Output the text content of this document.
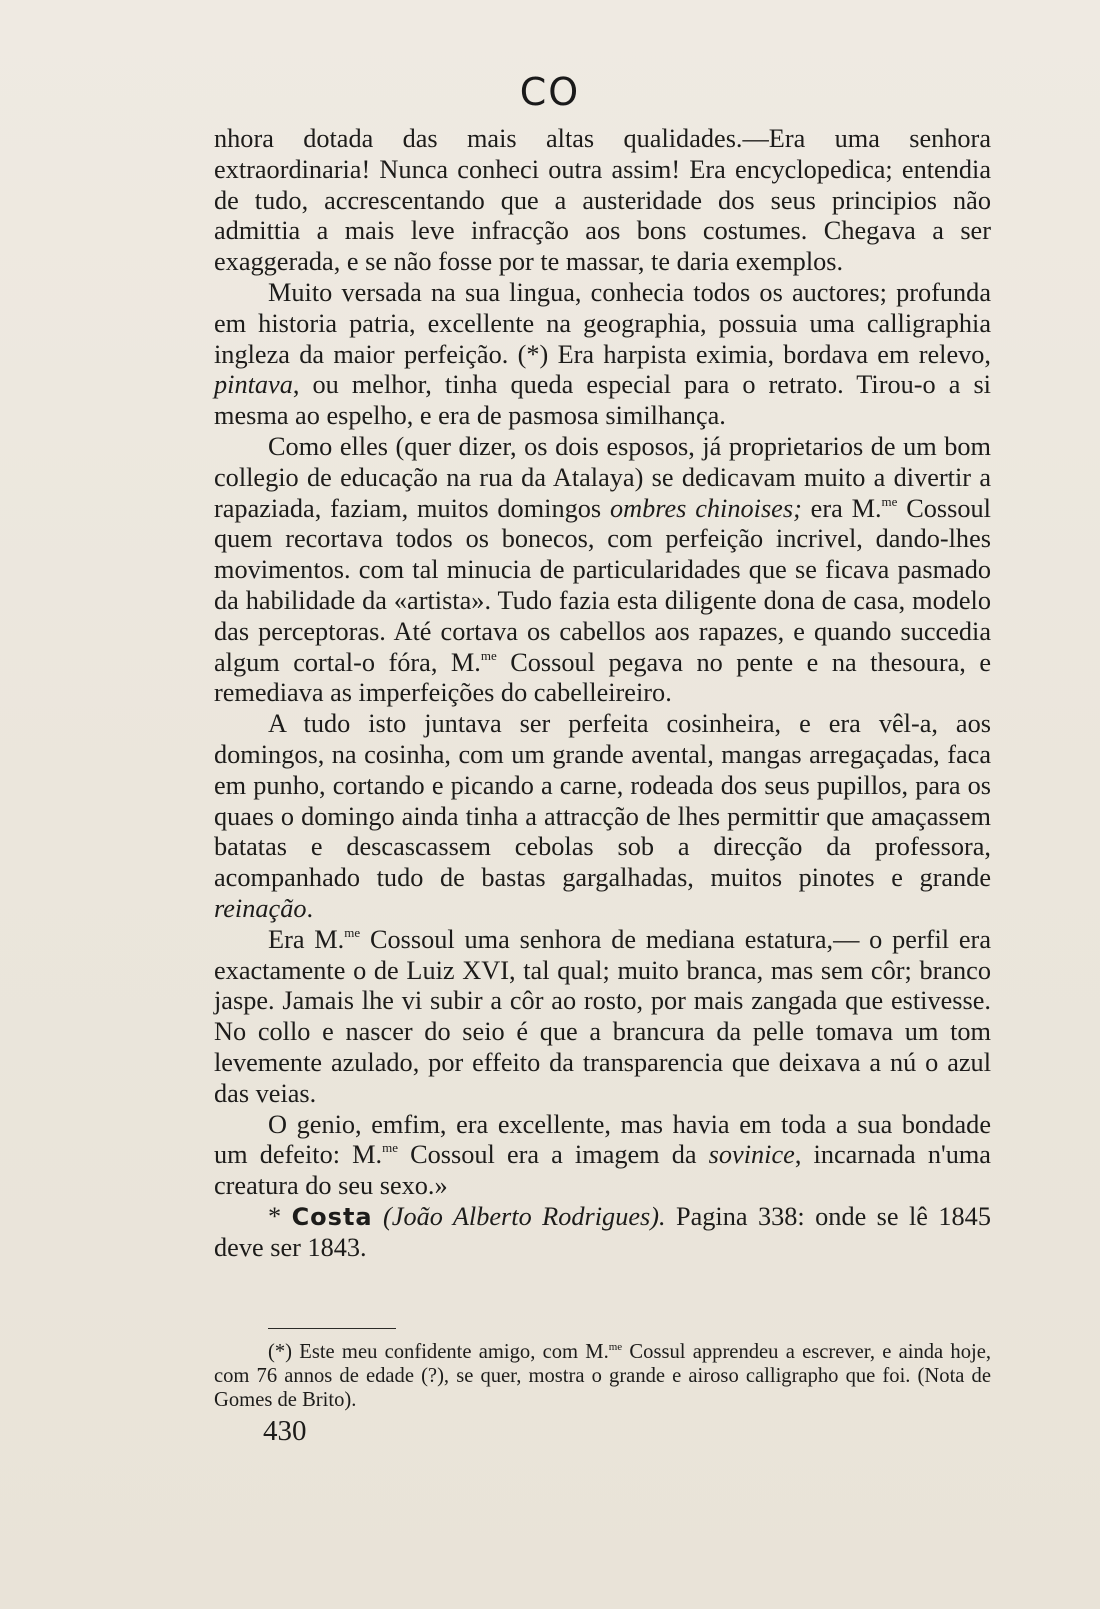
CO

nhora dotada das mais altas qualidades.—Era uma senhora extraordinaria! Nunca conheci outra assim! Era encyclopedica; entendia de tudo, accrescentando que a austeridade dos seus principios não admittia a mais leve infracção aos bons costumes. Chegava a ser exaggerada, e se não fosse por te massar, te daria exemplos.

Muito versada na sua lingua, conhecia todos os auctores; profunda em historia patria, excellente na geographia, possuia uma calligraphia ingleza da maior perfeição. (*) Era harpista eximia, bordava em relevo, pintava, ou melhor, tinha queda especial para o retrato. Tirou-o a si mesma ao espelho, e era de pasmosa similhança.

Como elles (quer dizer, os dois esposos, já proprietarios de um bom collegio de educação na rua da Atalaya) se dedicavam muito a divertir a rapaziada, faziam, muitos domingos ombres chinoises; era M.$^{me}$ Cossoul quem recortava todos os bonecos, com perfeição incrivel, dando-lhes movimentos. com tal minucia de particularidades que se ficava pasmado da habilidade da «artista». Tudo fazia esta diligente dona de casa, modelo das perceptoras. Até cortava os cabellos aos rapazes, e quando succedia algum cortal-o fóra, M.$^{me}$ Cossoul pegava no pente e na thesoura, e remediava as imperfeições do cabelleireiro.

A tudo isto juntava ser perfeita cosinheira, e era vêl-a, aos domingos, na cosinha, com um grande avental, mangas arregaçadas, faca em punho, cortando e picando a carne, rodeada dos seus pupillos, para os quaes o domingo ainda tinha a attracção de lhes permittir que amaçassem batatas e descascassem cebolas sob a direcção da professora, acompanhado tudo de bastas gargalhadas, muitos pinotes e grande reinação.

Era M.$^{me}$ Cossoul uma senhora de mediana estatura,— o perfil era exactamente o de Luiz XVI, tal qual; muito branca, mas sem côr; branco jaspe. Jamais lhe vi subir a côr ao rosto, por mais zangada que estivesse. No collo e nascer do seio é que a brancura da pelle tomava um tom levemente azulado, por effeito da transparencia que deixava a nú o azul das veias.

O genio, emfim, era excellente, mas havia em toda a sua bondade um defeito: M.$^{me}$ Cossoul era a imagem da sovinice, incarnada n'uma creatura do seu sexo.»

* Costa (João Alberto Rodrigues). Pagina 338: onde se lê 1845 deve ser 1843.

(*) Este meu confidente amigo, com M.$^{me}$ Cossul apprendeu a escrever, e ainda hoje, com 76 annos de edade (?), se quer, mostra o grande e airoso calligrapho que foi. (Nota de Gomes de Brito).

430
